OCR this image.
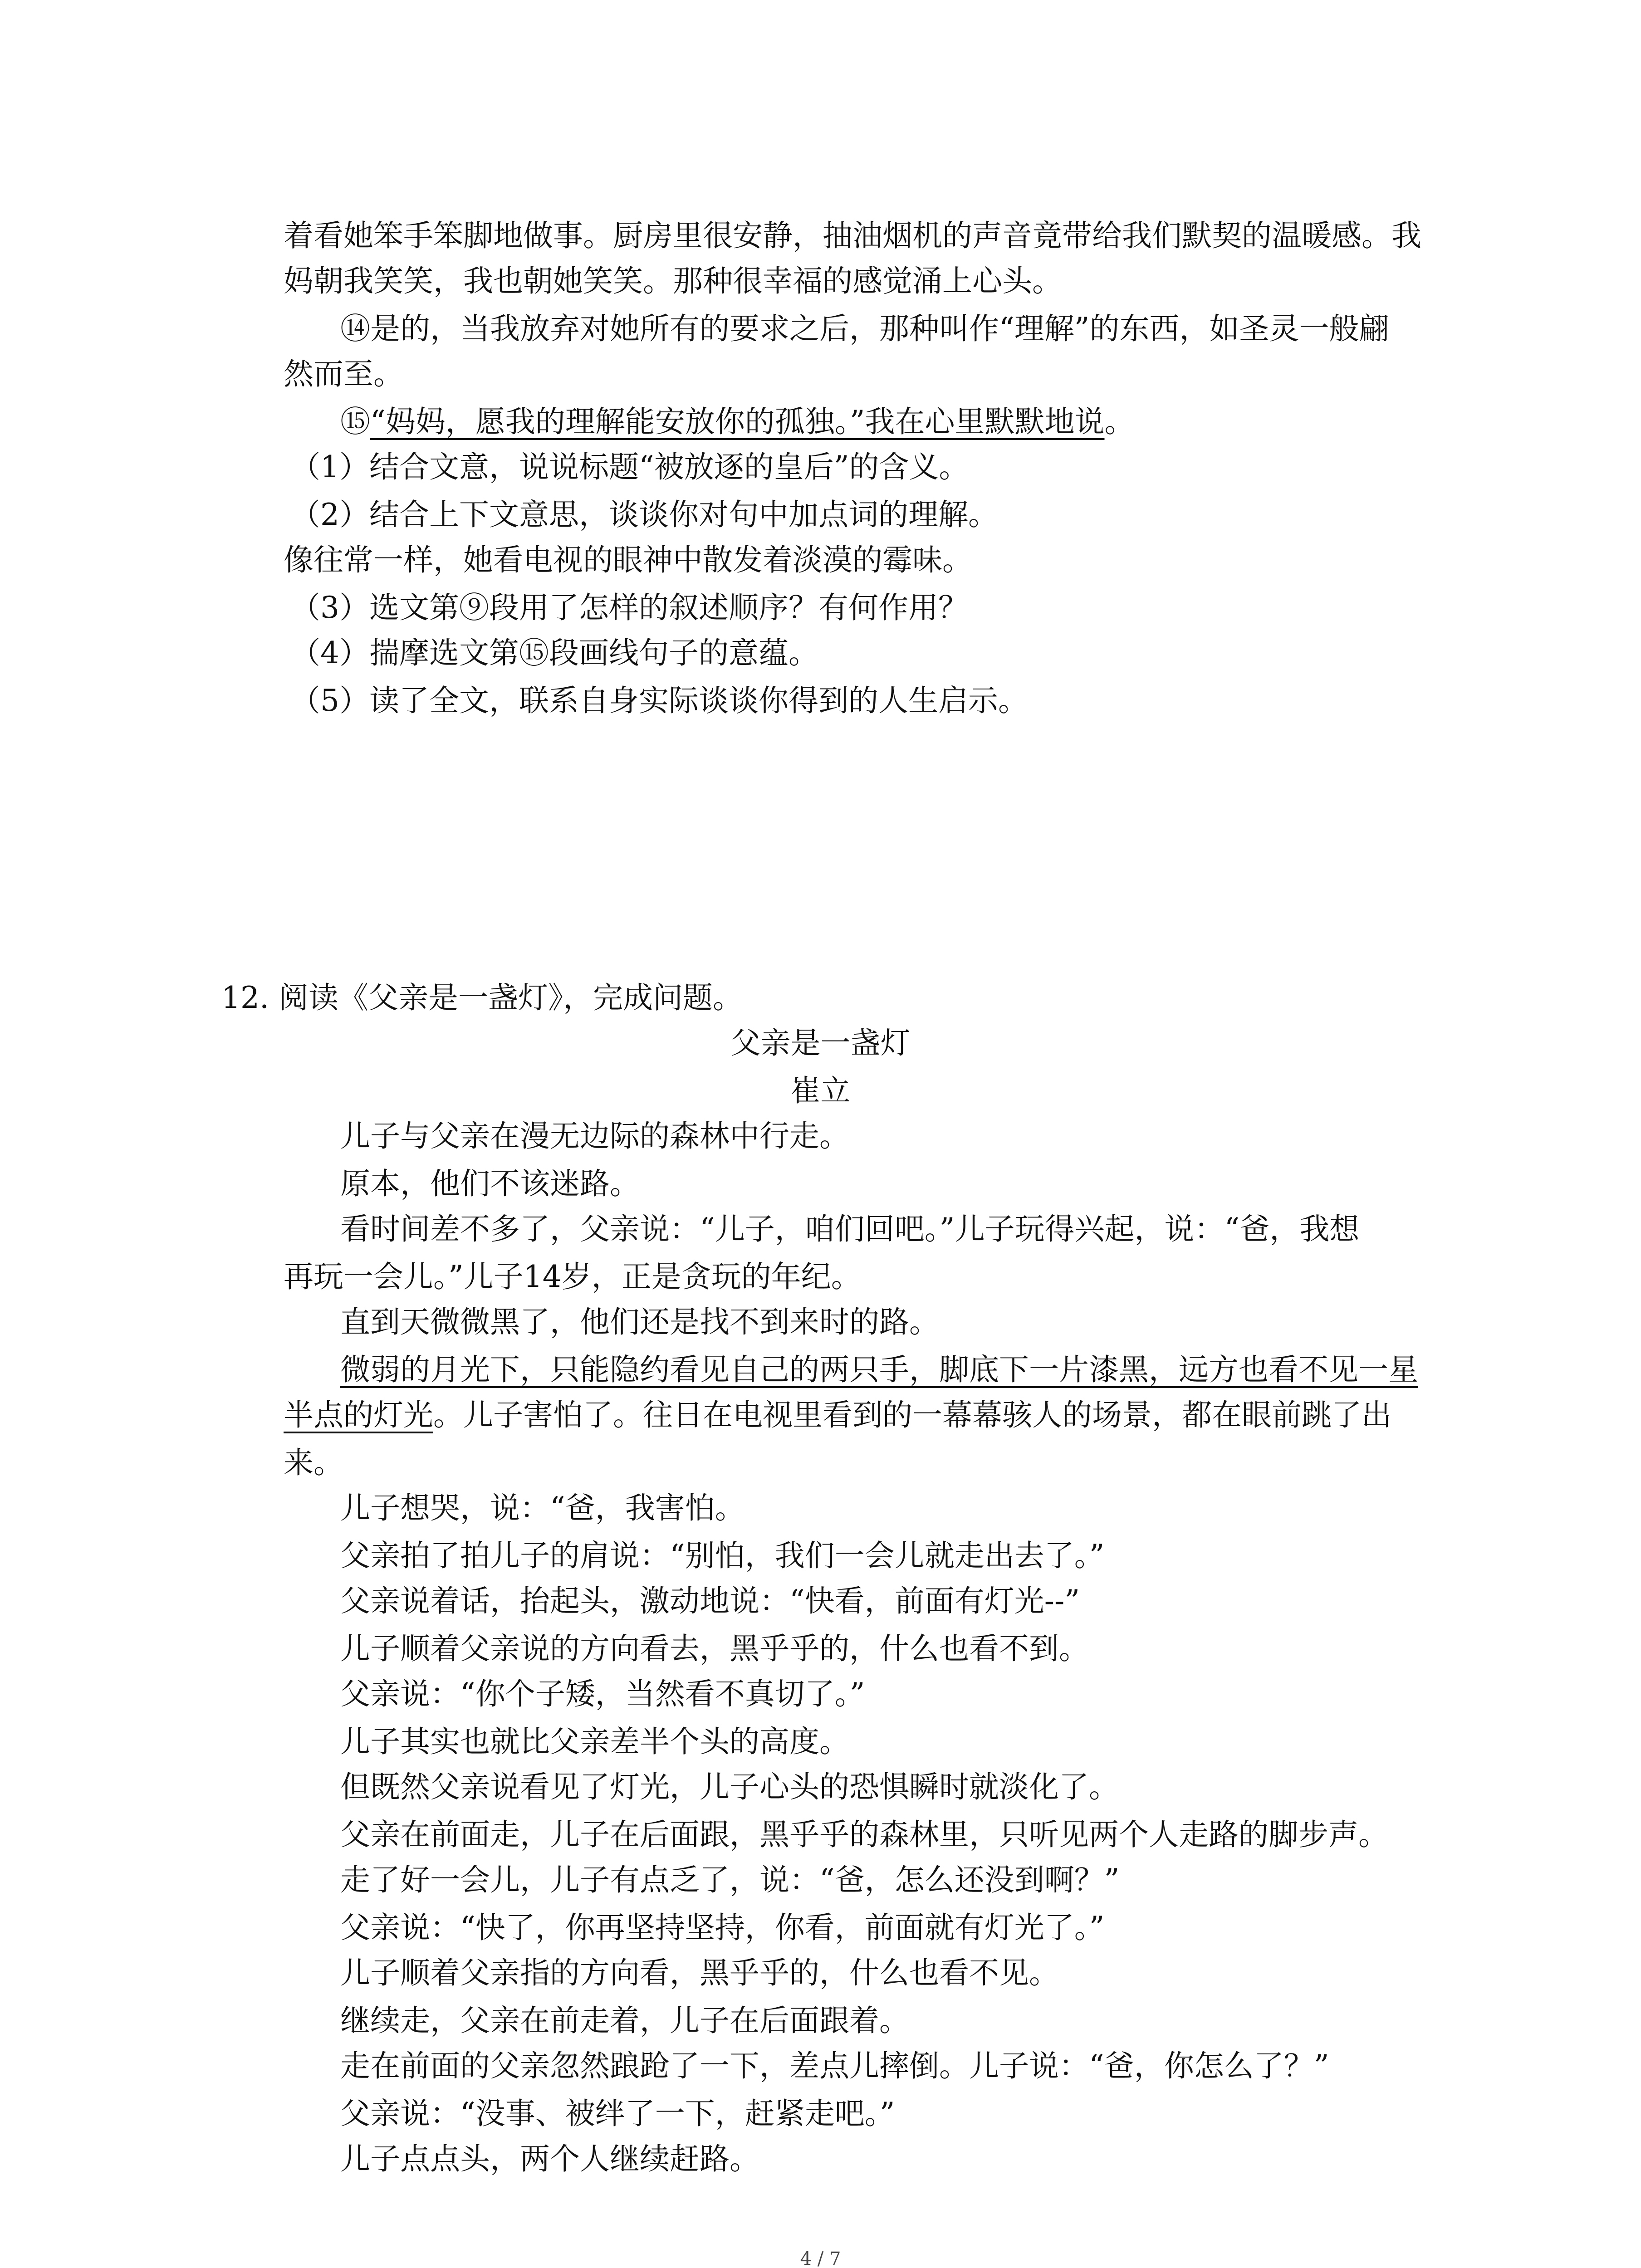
着看她笨手笨脚地做事。厨房里很安静，抽油烟机的声音竟带给我们默契的温暖感。我
妈朝我笑笑，我也朝她笑笑。那种很幸福的感觉涌上心头。
⑭是的，当我放弃对她所有的要求之后，那种叫作“理解”的东西，如圣灵一般翩
然而至。
⑮“妈妈，愿我的理解能安放你的孤独。”我在心里默默地说。
（1）结合文意，说说标题“被放逐的皇后”的含义。
（2）结合上下文意思，谈谈你对句中加点词的理解。
像往常一样，她看电视的眼神中散发着淡漠的霉味。
（3）选文第⑨段用了怎样的叙述顺序？有何作用？
（4）揣摩选文第⑮段画线句子的意蕴。
（5）读了全文，联系自身实际谈谈你得到的人生启示。
12. 阅读《父亲是一盏灯》，完成问题。
父亲是一盏灯
崔立
儿子与父亲在漫无边际的森林中行走。
原本，他们不该迷路。
看时间差不多了，父亲说：“儿子，咱们回吧。”儿子玩得兴起，说：“爸，我想
再玩一会儿。”儿子14岁，正是贪玩的年纪。
直到天微微黑了，他们还是找不到来时的路。
微弱的月光下，只能隐约看见自己的两只手，脚底下一片漆黑，远方也看不见一星
半点的灯光。儿子害怕了。往日在电视里看到的一幕幕骇人的场景，都在眼前跳了出
来。
儿子想哭，说：“爸，我害怕。
父亲拍了拍儿子的肩说：“别怕，我们一会儿就走出去了。”
父亲说着话，抬起头，激动地说：“快看，前面有灯光--”
儿子顺着父亲说的方向看去，黑乎乎的，什么也看不到。
父亲说：“你个子矮，当然看不真切了。”
儿子其实也就比父亲差半个头的高度。
但既然父亲说看见了灯光，儿子心头的恐惧瞬时就淡化了。
父亲在前面走，儿子在后面跟，黑乎乎的森林里，只听见两个人走路的脚步声。
走了好一会儿，儿子有点乏了，说：“爸，怎么还没到啊？”
父亲说：“快了，你再坚持坚持，你看，前面就有灯光了。”
儿子顺着父亲指的方向看，黑乎乎的，什么也看不见。
继续走，父亲在前走着，儿子在后面跟着。
走在前面的父亲忽然踉跄了一下，差点儿摔倒。儿子说：“爸，你怎么了？”
父亲说：“没事、被绊了一下，赶紧走吧。”
儿子点点头，两个人继续赶路。
4 / 7
